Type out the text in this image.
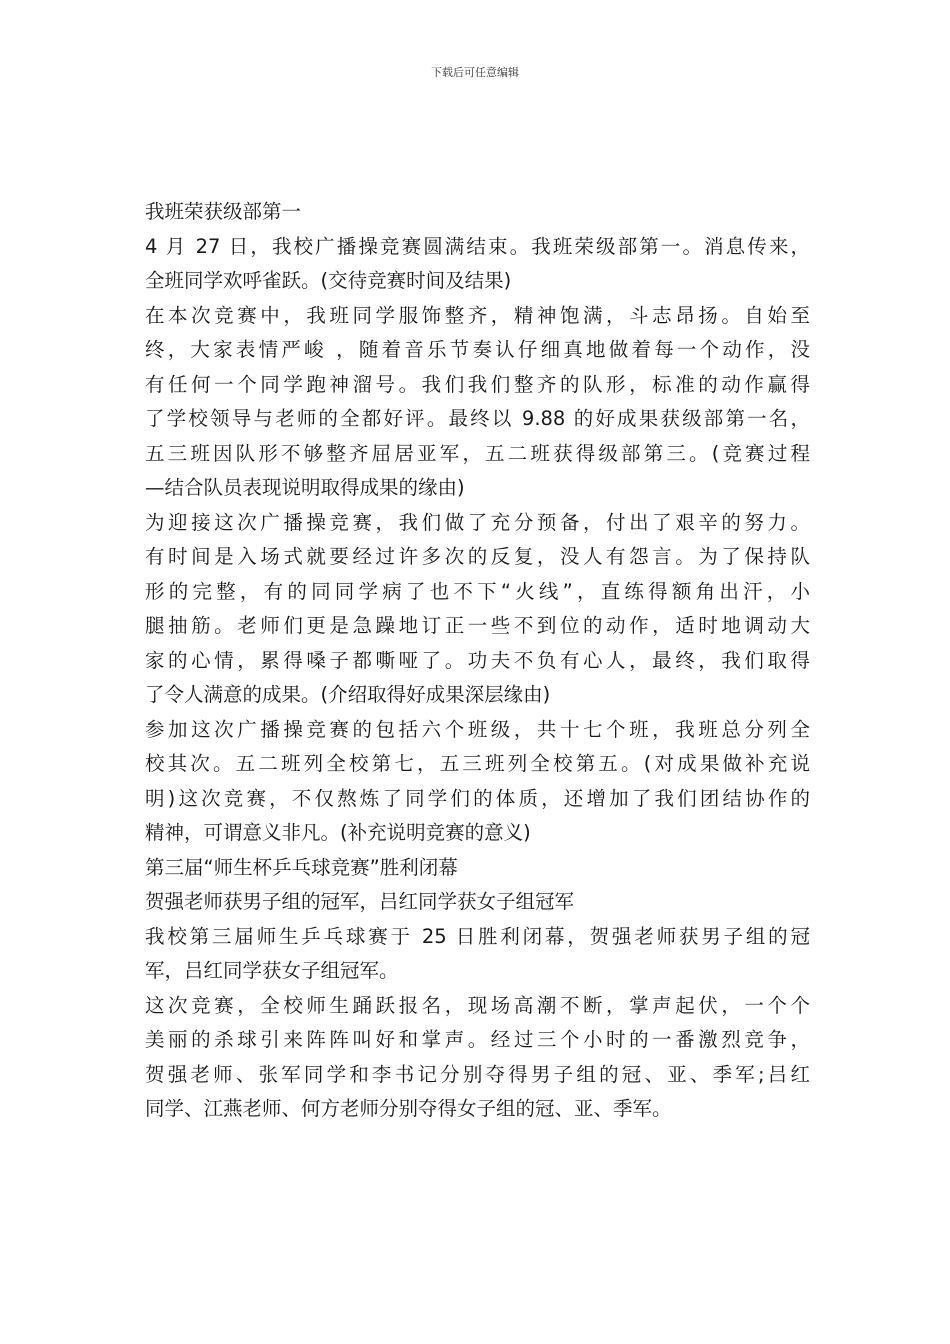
下载后可任意编辑
我班荣获级部第一
4 月 27 日，我校广播操竞赛圆满结束。我班荣级部第一。消息传来，
全班同学欢呼雀跃。(交待竞赛时间及结果)
在本次竞赛中，我班同学服饰整齐，精神饱满，斗志昂扬。自始至
终，大家表情严峻 ，随着音乐节奏认仔细真地做着每一个动作，没
有任何一个同学跑神溜号。我们我们整齐的队形，标准的动作赢得
了学校领导与老师的全都好评。最终以 9.88 的好成果获级部第一名，
五三班因队形不够整齐屈居亚军，五二班获得级部第三。(竞赛过程
—结合队员表现说明取得成果的缘由)
为迎接这次广播操竞赛，我们做了充分预备，付出了艰辛的努力。
有时间是入场式就要经过许多次的反复，没人有怨言。为了保持队
形的完整，有的同同学病了也不下“火线”，直练得额角出汗，小
腿抽筋。老师们更是急躁地订正一些不到位的动作，适时地调动大
家的心情，累得嗓子都嘶哑了。功夫不负有心人，最终，我们取得
了令人满意的成果。(介绍取得好成果深层缘由)
参加这次广播操竞赛的包括六个班级，共十七个班，我班总分列全
校其次。五二班列全校第七，五三班列全校第五。(对成果做补充说
明)这次竞赛，不仅熬炼了同学们的体质，还增加了我们团结协作的
精神，可谓意义非凡。(补充说明竞赛的意义)
第三届“师生杯乒乓球竞赛”胜利闭幕
贺强老师获男子组的冠军，吕红同学获女子组冠军
我校第三届师生乒乓球赛于 25 日胜利闭幕，贺强老师获男子组的冠
军，吕红同学获女子组冠军。
这次竞赛，全校师生踊跃报名，现场高潮不断，掌声起伏，一个个
美丽的杀球引来阵阵叫好和掌声。经过三个小时的一番激烈竞争，
贺强老师、张军同学和李书记分别夺得男子组的冠、亚、季军;吕红
同学、江燕老师、何方老师分别夺得女子组的冠、亚、季军。
